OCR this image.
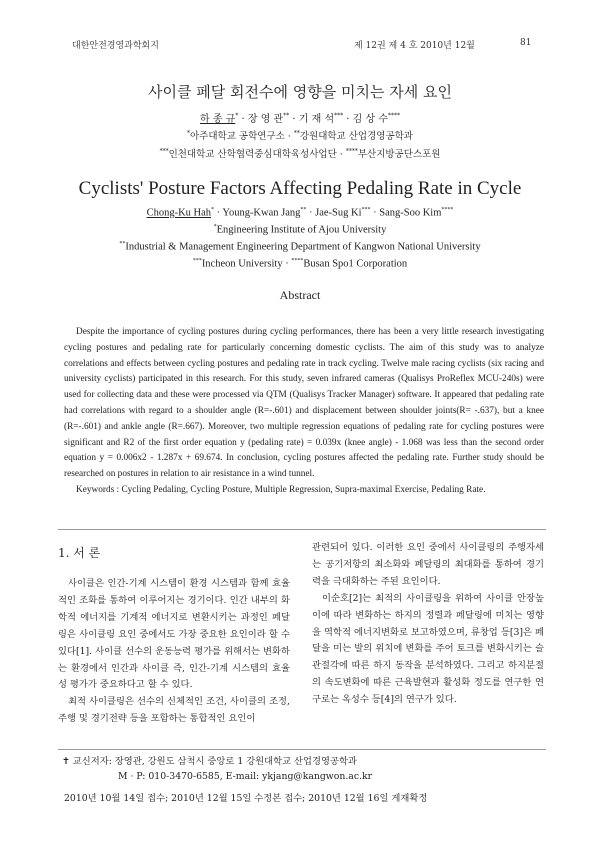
대한안전경영과학회지	제 12권 제 4 호 2010년 12월	81
사이클 페달 회전수에 영향을 미치는 자세 요인
하 종 규* · 장 영 관** · 기 재 석*** · 김 상 수****
*아주대학교 공학연구소 · **강원대학교 산업경영공학과
***인천대학교 산학협력중심대학육성사업단 · ****부산지방공단스포원
Cyclists' Posture Factors Affecting Pedaling Rate in Cycle
Chong-Ku Hah* · Young-Kwan Jang** · Jae-Sug Ki*** · Sang-Soo Kim****
*Engineering Institute of Ajou University
**Industrial & Management Engineering Department of Kangwon National University
***Incheon University · ****Busan Spo1 Corporation
Abstract

Despite the importance of cycling postures during cycling performances, there has been a very little research investigating cycling postures and pedaling rate for particularly concerning domestic cyclists. The aim of this study was to analyze correlations and effects between cycling postures and pedaling rate in track cycling. Twelve male racing cyclists (six racing and university cyclists) participated in this research. For this study, seven infrared cameras (Qualisys ProReflex MCU-240s) were used for collecting data and these were processed via QTM (Qualisys Tracker Manager) software. It appeared that pedaling rate had correlations with regard to a shoulder angle (R=-.601) and displacement between shoulder joints(R= -.637), but a knee (R=-.601) and ankle angle (R=.667). Moreover, two multiple regression equations of pedaling rate for cycling postures were significant and R2 of the first order equation y (pedaling rate) = 0.039x (knee angle) - 1.068 was less than the second order equation y = 0.006x2 - 1.287x + 69.674. In conclusion, cycling postures affected the pedaling rate. Further study should be researched on postures in relation to air resistance in a wind tunnel.

Keywords : Cycling Pedaling, Cycling Posture, Multiple Regression, Supra-maximal Exercise, Pedaling Rate.

1. 서 론

사이클은 인간-기계 시스템이 환경 시스템과 함께 효율적인 조화를 통하여 이루어지는 경기이다. 인간 내부의 화학적 에너지를 기계적 에너지로 변환시키는 과정인 페달링은 사이클링 요인 중에서도 가장 중요한 요인이라 할 수 있다[1]. 사이클 선수의 운동능력 평가를 위해서는 변화하는 환경에서 인간과 사이클 즉, 인간-기계 시스템의 효율성 평가가 중요하다고 할 수 있다.

최적 사이클링은 선수의 신체적인 조건, 사이클의 조정, 주행 및 경기전략 등을 포함하는 통합적인 요인이

관련되어 있다. 이러한 요인 중에서 사이클링의 주행자세는 공기저항의 최소화와 페달링의 최대화를 통하여 경기력을 극대화하는 주된 요인이다.

이순호[2]는 최적의 사이클링을 위하여 사이클 안장높이에 따라 변화하는 하지의 정렬과 페달링에 미치는 영향을 역학적 에너지변화로 보고하였으며, 류창업 등[3]은 페달을 미는 발의 위치에 변화를 주어 토크를 변화시키는 슬관절각에 따른 하지 동작을 분석하였다. 그리고 하지분절의 속도변화에 따른 근육발현과 활성화 정도를 연구한 연구로는 옥성수 등[4]의 연구가 있다.

✝ 교신저자: 장영관, 강원도 삼척시 중앙로 1 강원대학교 산업경영공학과
M · P: 010-3470-6585, E-mail: ykjang@kangwon.ac.kr
2010년 10월 14일 접수; 2010년 12월 15일 수정본 접수; 2010년 12월 16일 게재확정
